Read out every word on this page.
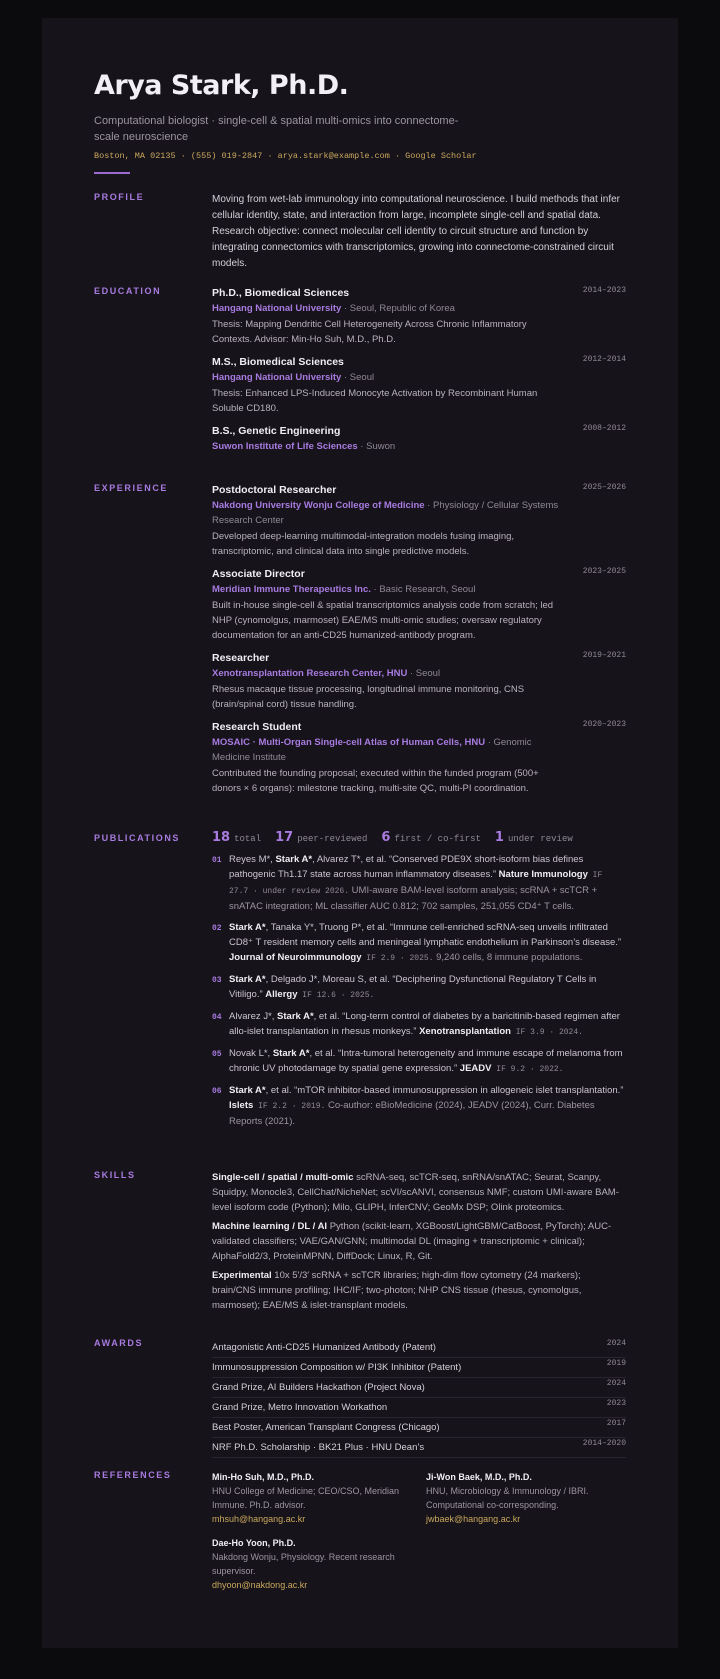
Arya Stark, Ph.D.
Computational biologist · single-cell & spatial multi-omics into connectome-scale neuroscience
Boston, MA 02135 · (555) 019-2847 · arya.stark@example.com · Google Scholar
PROFILE	Moving from wet-lab immunology into computational neuroscience. I build methods that infer cellular identity, state, and interaction from large, incomplete single-cell and spatial data. Research objective: connect molecular cell identity to circuit structure and function by integrating connectomics with transcriptomics, growing into connectome-constrained circuit models.
EDUCATION	Ph.D., Biomedical Sciences	2014–2023
Hangang National University · Seoul, Republic of Korea
Thesis: Mapping Dendritic Cell Heterogeneity Across Chronic Inflammatory Contexts. Advisor: Min-Ho Suh, M.D., Ph.D.
M.S., Biomedical Sciences	2012–2014
Hangang National University · Seoul
Thesis: Enhanced LPS-Induced Monocyte Activation by Recombinant Human Soluble CD180.
B.S., Genetic Engineering	2008–2012
Suwon Institute of Life Sciences · Suwon
EXPERIENCE	Postdoctoral Researcher	2025–2026
Nakdong University Wonju College of Medicine · Physiology / Cellular Systems Research Center
Developed deep-learning multimodal-integration models fusing imaging, transcriptomic, and clinical data into single predictive models.
Associate Director	2023–2025
Meridian Immune Therapeutics Inc. · Basic Research, Seoul
Built in-house single-cell & spatial transcriptomics analysis code from scratch; led NHP (cynomolgus, marmoset) EAE/MS multi-omic studies; oversaw regulatory documentation for an anti-CD25 humanized-antibody program.
Researcher	2019–2021
Xenotransplantation Research Center, HNU · Seoul
Rhesus macaque tissue processing, longitudinal immune monitoring, CNS (brain/spinal cord) tissue handling.
Research Student	2020–2023
MOSAIC · Multi-Organ Single-cell Atlas of Human Cells, HNU · Genomic Medicine Institute
Contributed the founding proposal; executed within the funded program (500+ donors × 6 organs): milestone tracking, multi-site QC, multi-PI coordination.
PUBLICATIONS	18 total 17 peer-reviewed 6 first / co-first 1 under review
01 Reyes M*, Stark A*, Alvarez T*, et al. “Conserved PDE9X short-isoform bias defines pathogenic Th1.17 state across human inflammatory diseases.” Nature Immunology IF 27.7 · under review 2026. UMI-aware BAM-level isoform analysis; scRNA + scTCR + snATAC integration; ML classifier AUC 0.812; 702 samples, 251,055 CD4⁺ T cells.
02 Stark A*, Tanaka Y*, Truong P*, et al. “Immune cell-enriched scRNA-seq unveils infiltrated CD8⁺ T resident memory cells and meningeal lymphatic endothelium in Parkinson’s disease.” Journal of Neuroimmunology IF 2.9 · 2025. 9,240 cells, 8 immune populations.
03 Stark A*, Delgado J*, Moreau S, et al. “Deciphering Dysfunctional Regulatory T Cells in Vitiligo.” Allergy IF 12.6 · 2025.
04 Alvarez J*, Stark A*, et al. “Long-term control of diabetes by a baricitinib-based regimen after allo-islet transplantation in rhesus monkeys.” Xenotransplantation IF 3.9 · 2024.
05 Novak L*, Stark A*, et al. “Intra-tumoral heterogeneity and immune escape of melanoma from chronic UV photodamage by spatial gene expression.” JEADV IF 9.2 · 2022.
06 Stark A*, et al. “mTOR inhibitor-based immunosuppression in allogeneic islet transplantation.” Islets IF 2.2 · 2019. Co-author: eBioMedicine (2024), JEADV (2024), Curr. Diabetes Reports (2021).
SKILLS	Single-cell / spatial / multi-omic scRNA-seq, scTCR-seq, snRNA/snATAC; Seurat, Scanpy, Squidpy, Monocle3, CellChat/NicheNet; scVI/scANVI, consensus NMF; custom UMI-aware BAM-level isoform code (Python); Milo, GLIPH, InferCNV; GeoMx DSP; Olink proteomics.
Machine learning / DL / AI Python (scikit-learn, XGBoost/LightGBM/CatBoost, PyTorch); AUC-validated classifiers; VAE/GAN/GNN; multimodal DL (imaging + transcriptomic + clinical); AlphaFold2/3, ProteinMPNN, DiffDock; Linux, R, Git.
Experimental 10x 5′/3′ scRNA + scTCR libraries; high-dim flow cytometry (24 markers); brain/CNS immune profiling; IHC/IF; two-photon; NHP CNS tissue (rhesus, cynomolgus, marmoset); EAE/MS & islet-transplant models.
AWARDS	Antagonistic Anti-CD25 Humanized Antibody (Patent)	2024
Immunosuppression Composition w/ PI3K Inhibitor (Patent)	2019
Grand Prize, AI Builders Hackathon (Project Nova)	2024
Grand Prize, Metro Innovation Workathon	2023
Best Poster, American Transplant Congress (Chicago)	2017
NRF Ph.D. Scholarship · BK21 Plus · HNU Dean’s	2014–2020
REFERENCES	Min-Ho Suh, M.D., Ph.D.
HNU College of Medicine; CEO/CSO, Meridian Immune. Ph.D. advisor.
mhsuh@hangang.ac.kr
Ji-Won Baek, M.D., Ph.D.
HNU, Microbiology & Immunology / IBRI. Computational co-corresponding.
jwbaek@hangang.ac.kr
Dae-Ho Yoon, Ph.D.
Nakdong Wonju, Physiology. Recent research supervisor.
dhyoon@nakdong.ac.kr
